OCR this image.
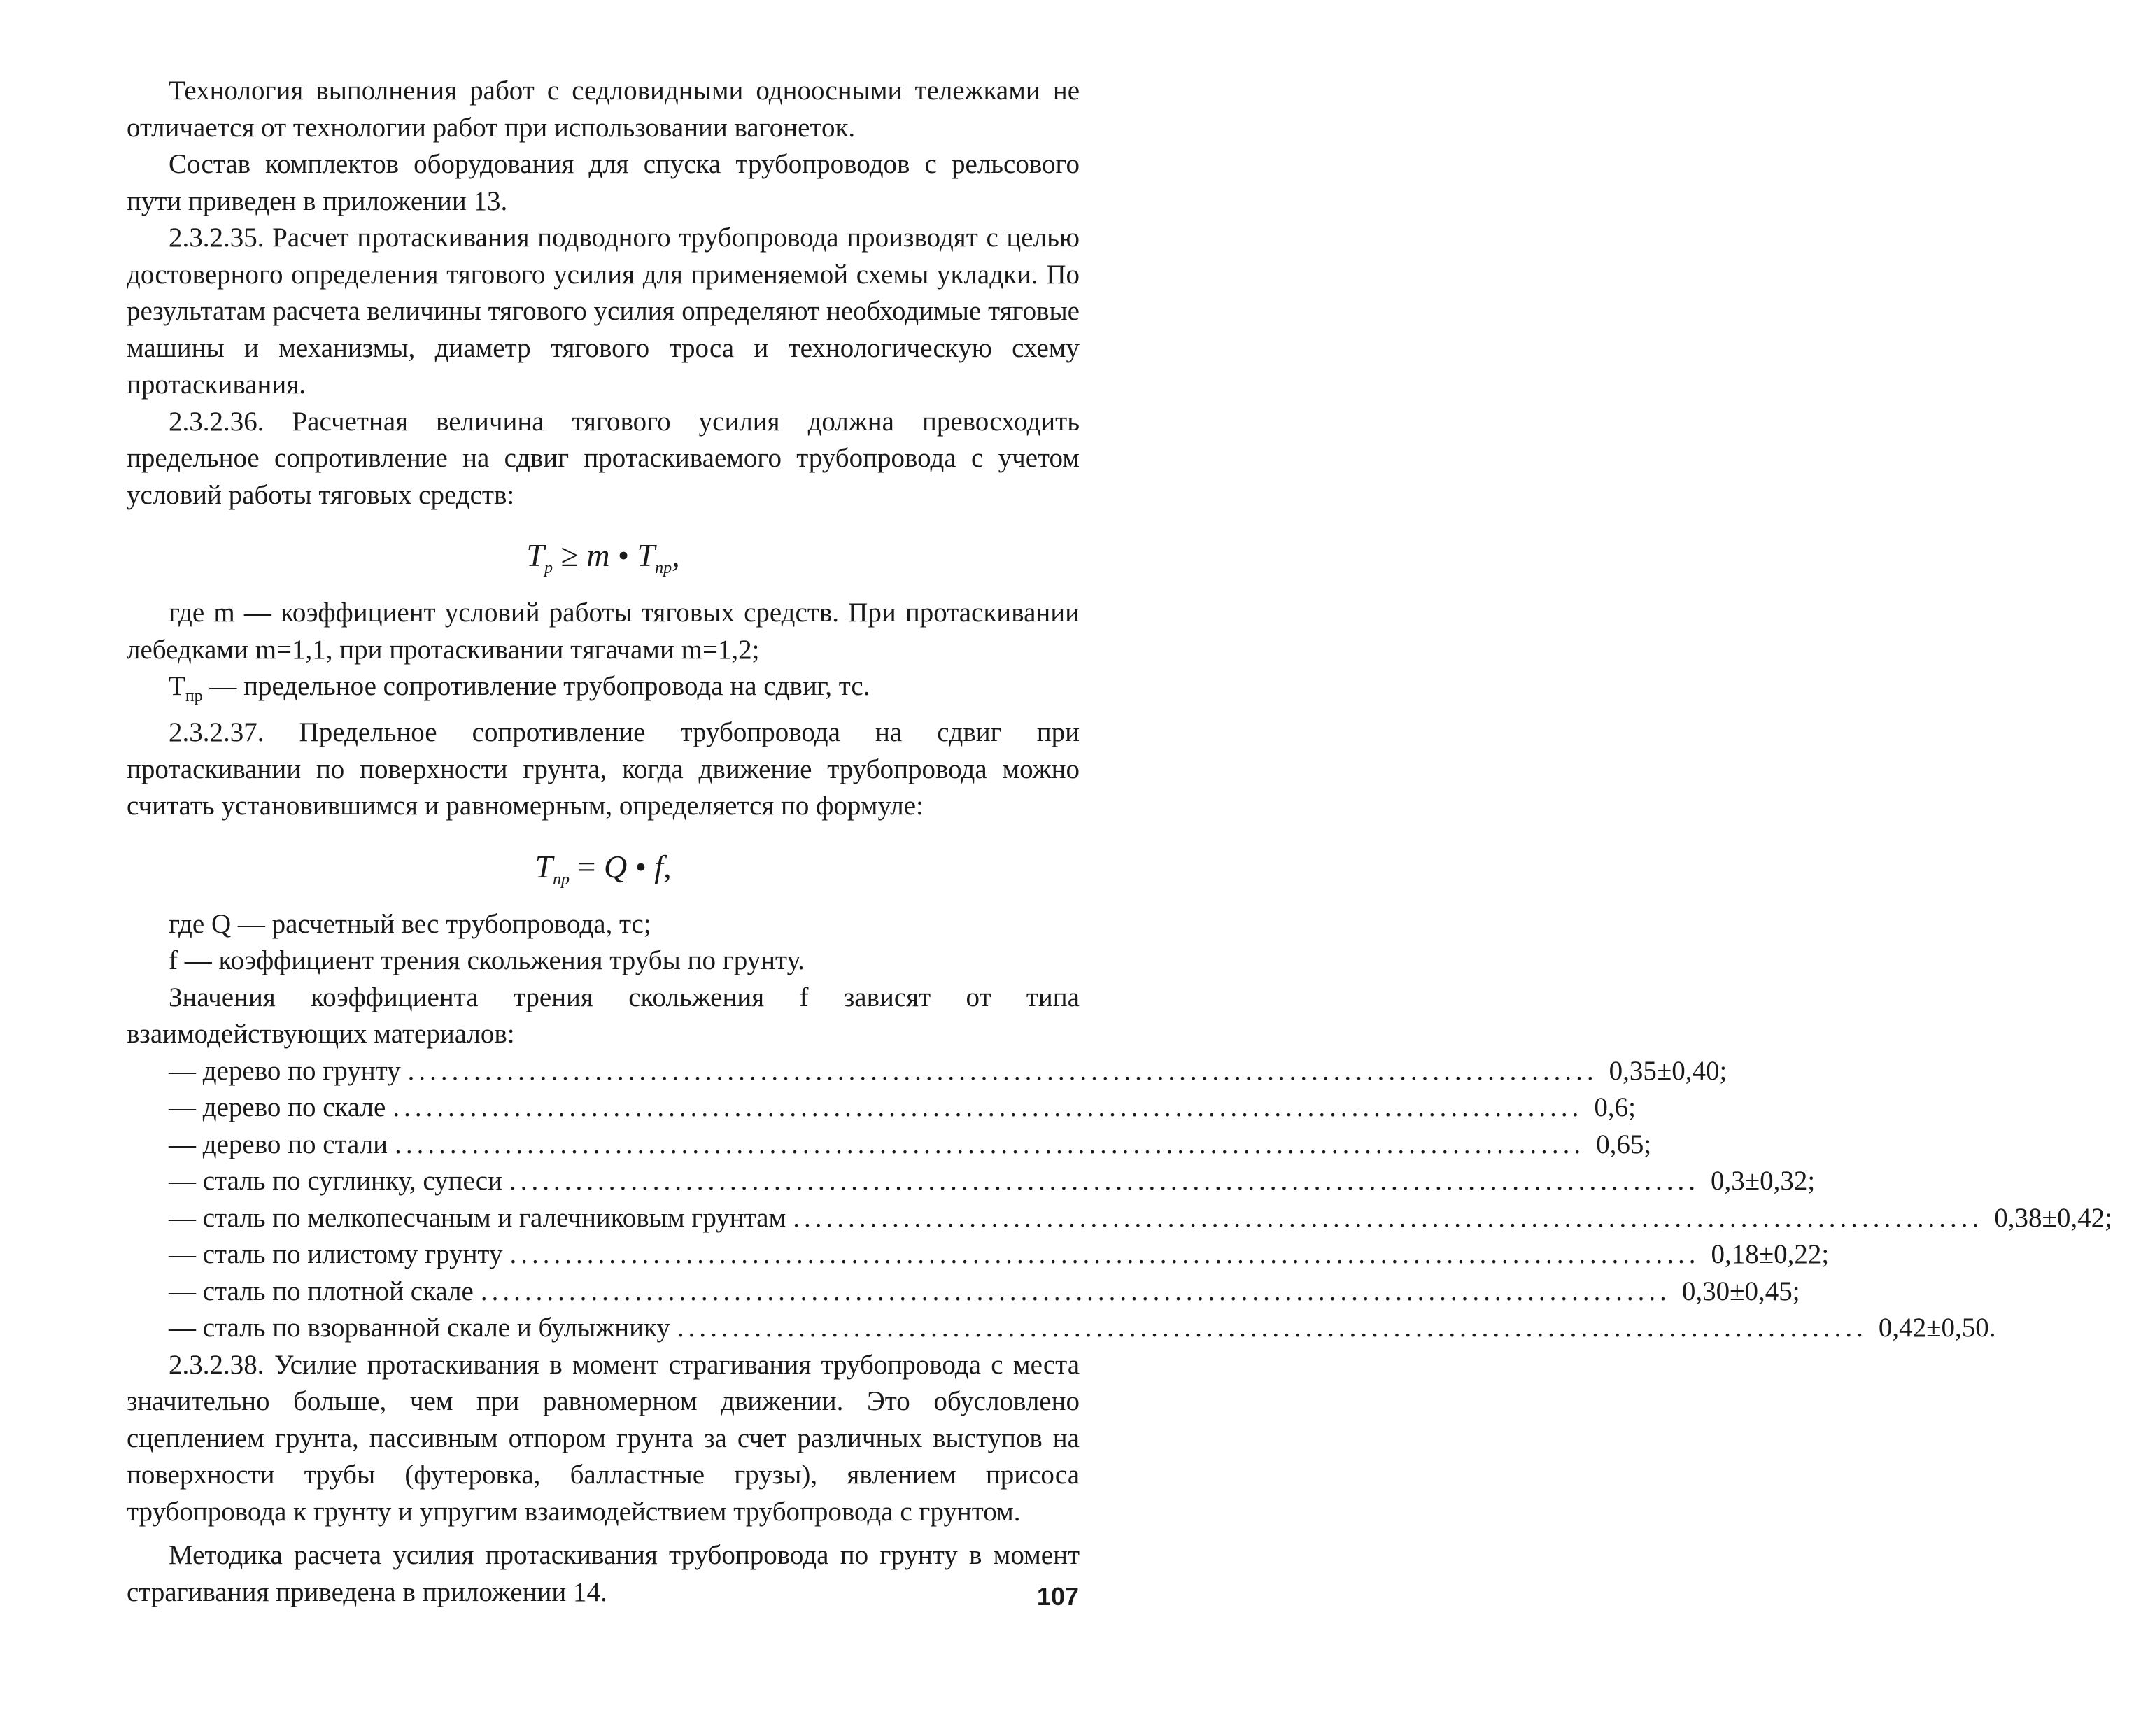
Технология выполнения работ с седловидными одноосными тележками не отличается от технологии работ при использовании вагонеток.

Состав комплектов оборудования для спуска трубопроводов с рельсового пути приведен в приложении 13.

2.3.2.35. Расчет протаскивания подводного трубопровода производят с целью достоверного определения тягового усилия для применяемой схемы укладки. По результатам расчета величины тягового усилия определяют необходимые тяговые машины и механизмы, диаметр тягового троса и технологическую схему протаскивания.

2.3.2.36. Расчетная величина тягового усилия должна превосходить предельное сопротивление на сдвиг протаскиваемого трубопровода с учетом условий работы тяговых средств:

$T_р \ge m$ • $T_{пр}$,

где m — коэффициент условий работы тяговых средств. При протаскивании лебедками m=1,1, при протаскивании тягачами m=1,2;

$T_{пр}$ — предельное сопротивление трубопровода на сдвиг, тс.

2.3.2.37. Предельное сопротивление трубопровода на сдвиг при протаскивании по поверхности грунта, когда движение трубопровода можно считать установившимся и равномерным, определяется по формуле:

$T_{пр} = Q$ • f,

где Q — расчетный вес трубопровода, тс;

f — коэффициент трения скольжения трубы по грунту.

Значения коэффициента трения скольжения f зависят от типа взаимодействующих материалов:

— дерево по грунту ............................................................................................................ 0,35±0,40;
— дерево по скале ............................................................................................................ 0,6;
— дерево по стали ............................................................................................................ 0,65;
— сталь по суглинку, супеси ............................................................................................................ 0,3±0,32;
— сталь по мелкопесчаным и галечниковым грунтам ............................................................................................................ 0,38±0,42;
— сталь по илистому грунту ............................................................................................................ 0,18±0,22;
— сталь по плотной скале ............................................................................................................ 0,30±0,45;
— сталь по взорванной скале и булыжнику ............................................................................................................ 0,42±0,50.

2.3.2.38. Усилие протаскивания в момент страгивания трубопровода с места значительно больше, чем при равномерном движении. Это обусловлено сцеплением грунта, пассивным отпором грунта за счет различных выступов на поверхности трубы (футеровка, балластные грузы), явлением присоса трубопровода к грунту и упругим взаимодействием трубопровода с грунтом.

Методика расчета усилия протаскивания трубопровода по грунту в момент страгивания приведена в приложении 14.	107
